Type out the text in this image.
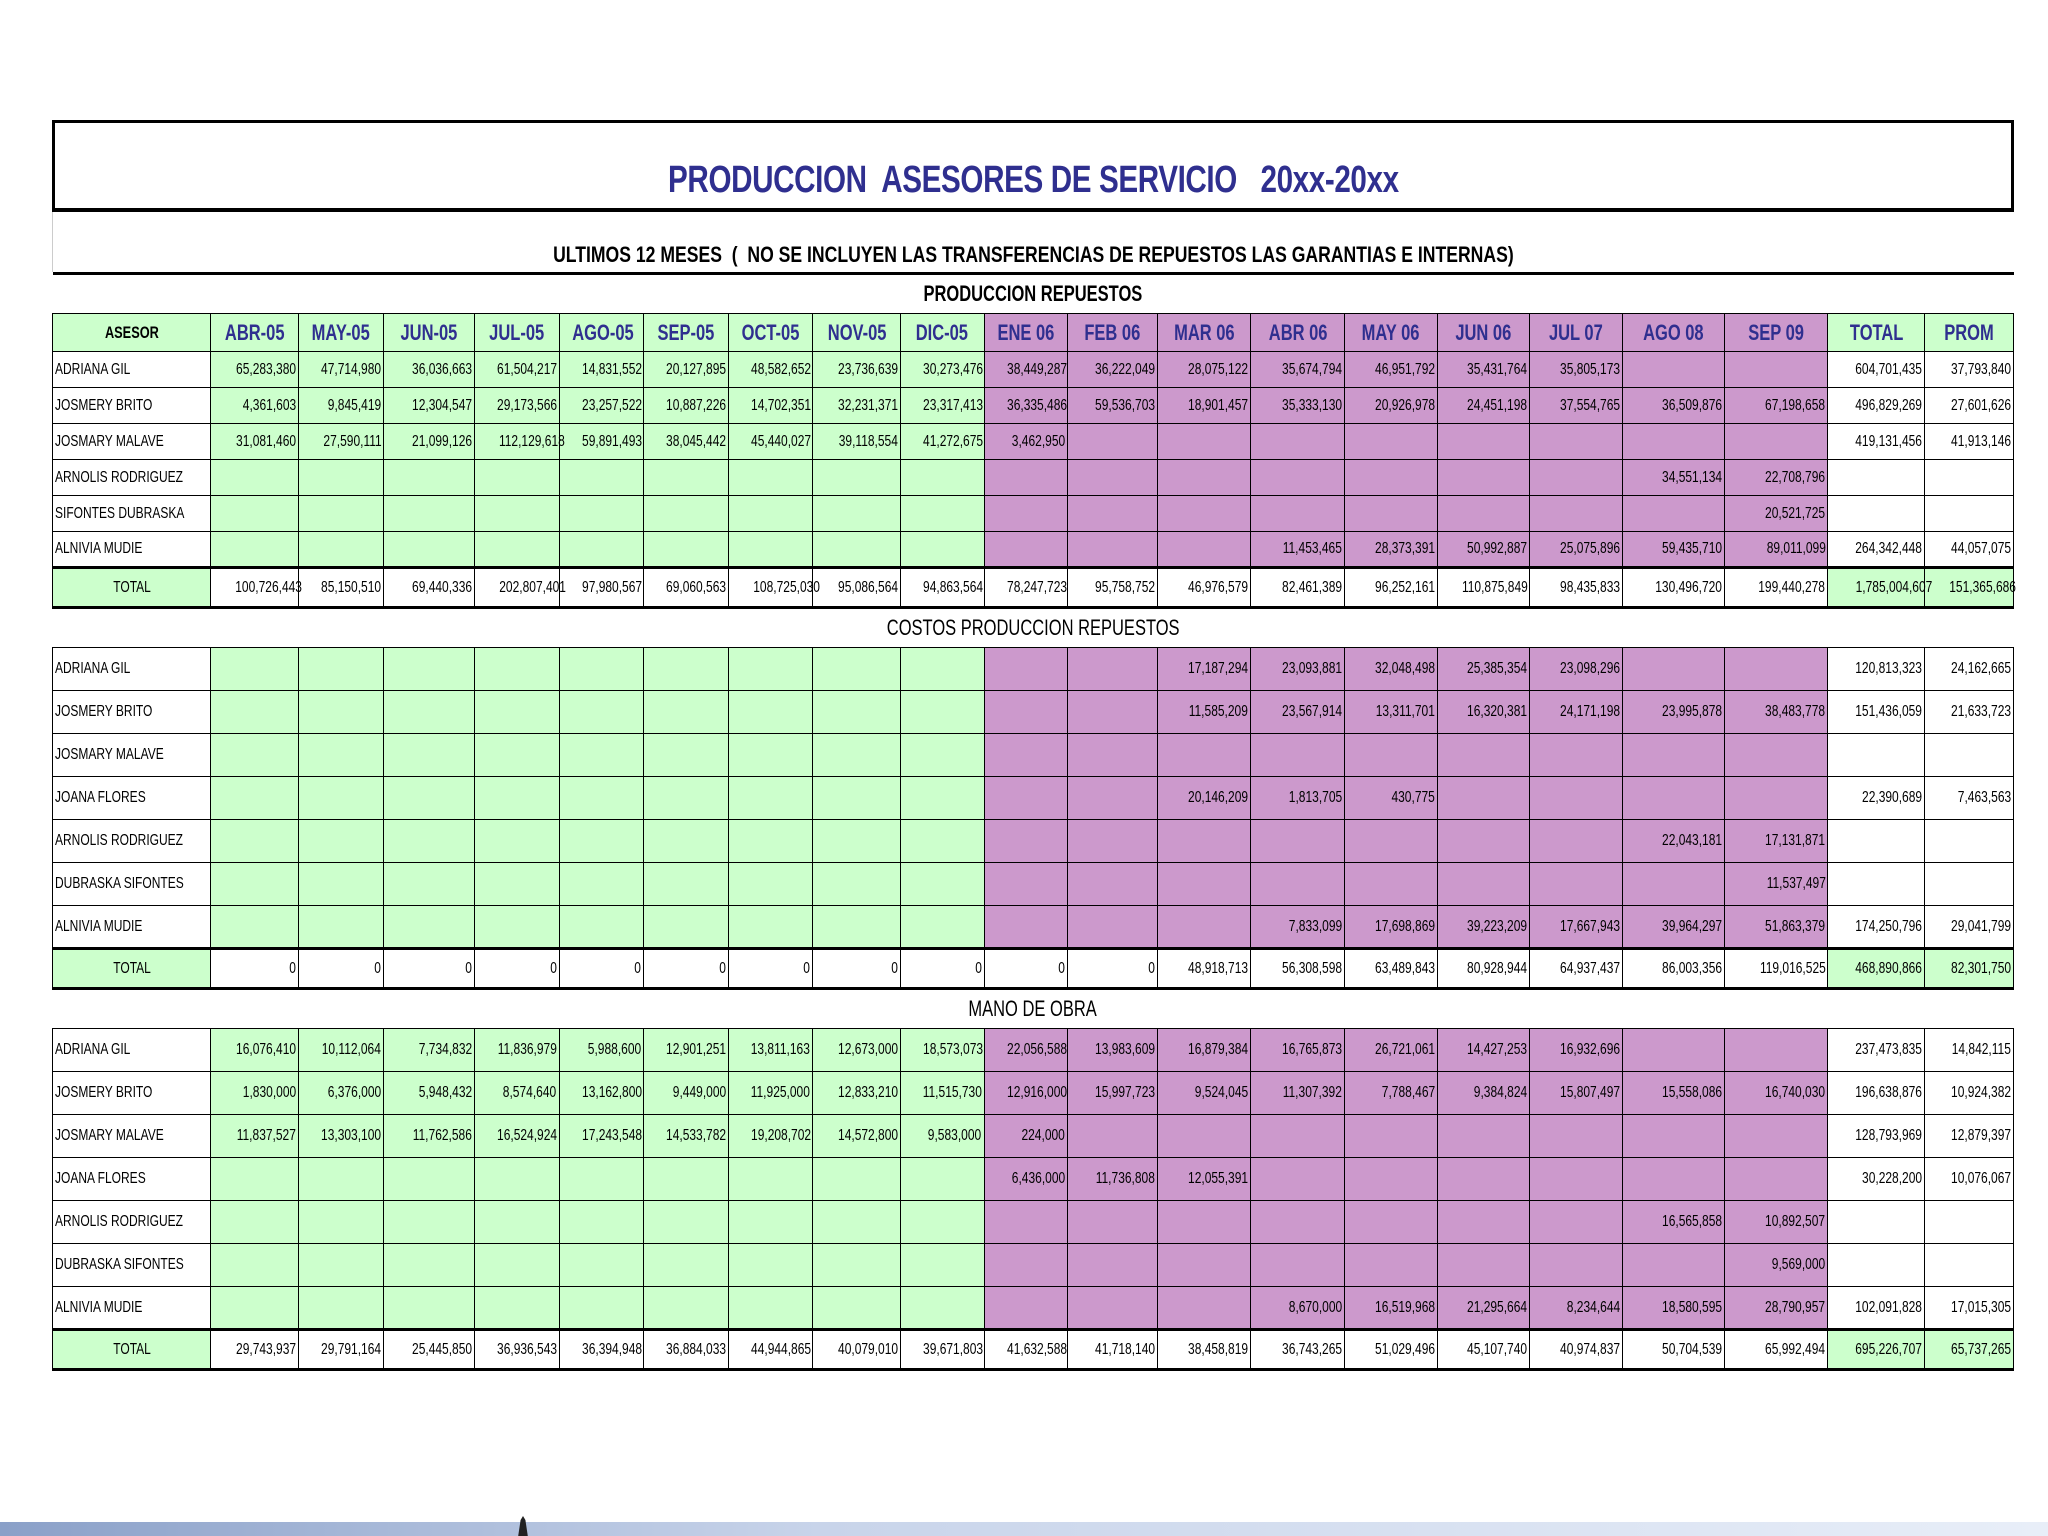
PRODUCCION  ASESORES DE SERVICIO   20xx-20xx
ULTIMOS 12 MESES  (  NO SE INCLUYEN LAS TRANSFERENCIAS DE REPUESTOS LAS GARANTIAS E INTERNAS)
PRODUCCION REPUESTOS																				
ASESOR	ABR-05	MAY-05	JUN-05	JUL-05	AGO-05	SEP-05	OCT-05	NOV-05	DIC-05	ENE 06	FEB 06	MAR 06	ABR 06	MAY 06	JUN 06	JUL 07	AGO 08	SEP 09	TOTAL	PROM
ADRIANA GIL	65,283,380	47,714,980	36,036,663	61,504,217	14,831,552	20,127,895	48,582,652	23,736,639	30,273,476	38,449,287	36,222,049	28,075,122	35,674,794	46,951,792	35,431,764	35,805,173			604,701,435	37,793,840
JOSMERY BRITO	4,361,603	9,845,419	12,304,547	29,173,566	23,257,522	10,887,226	14,702,351	32,231,371	23,317,413	36,335,486	59,536,703	18,901,457	35,333,130	20,926,978	24,451,198	37,554,765	36,509,876	67,198,658	496,829,269	27,601,626
JOSMARY MALAVE	31,081,460	27,590,111	21,099,126	112,129,618	59,891,493	38,045,442	45,440,027	39,118,554	41,272,675	3,462,950									419,131,456	41,913,146
ARNOLIS RODRIGUEZ																	34,551,134	22,708,796		
SIFONTES DUBRASKA																		20,521,725		
ALNIVIA MUDIE													11,453,465	28,373,391	50,992,887	25,075,896	59,435,710	89,011,099	264,342,448	44,057,075
TOTAL	100,726,443	85,150,510	69,440,336	202,807,401	97,980,567	69,060,563	108,725,030	95,086,564	94,863,564	78,247,723	95,758,752	46,976,579	82,461,389	96,252,161	110,875,849	98,435,833	130,496,720	199,440,278	1,785,004,607	151,365,686
COSTOS PRODUCCION REPUESTOS																				
ADRIANA GIL												17,187,294	23,093,881	32,048,498	25,385,354	23,098,296			120,813,323	24,162,665
JOSMERY BRITO												11,585,209	23,567,914	13,311,701	16,320,381	24,171,198	23,995,878	38,483,778	151,436,059	21,633,723
JOSMARY MALAVE																				
JOANA FLORES												20,146,209	1,813,705	430,775					22,390,689	7,463,563
ARNOLIS RODRIGUEZ																	22,043,181	17,131,871		
DUBRASKA SIFONTES																		11,537,497		
ALNIVIA MUDIE													7,833,099	17,698,869	39,223,209	17,667,943	39,964,297	51,863,379	174,250,796	29,041,799
TOTAL	0	0	0	0	0	0	0	0	0	0	0	48,918,713	56,308,598	63,489,843	80,928,944	64,937,437	86,003,356	119,016,525	468,890,866	82,301,750
MANO DE OBRA																				
ADRIANA GIL	16,076,410	10,112,064	7,734,832	11,836,979	5,988,600	12,901,251	13,811,163	12,673,000	18,573,073	22,056,588	13,983,609	16,879,384	16,765,873	26,721,061	14,427,253	16,932,696			237,473,835	14,842,115
JOSMERY BRITO	1,830,000	6,376,000	5,948,432	8,574,640	13,162,800	9,449,000	11,925,000	12,833,210	11,515,730	12,916,000	15,997,723	9,524,045	11,307,392	7,788,467	9,384,824	15,807,497	15,558,086	16,740,030	196,638,876	10,924,382
JOSMARY MALAVE	11,837,527	13,303,100	11,762,586	16,524,924	17,243,548	14,533,782	19,208,702	14,572,800	9,583,000	224,000									128,793,969	12,879,397
JOANA FLORES										6,436,000	11,736,808	12,055,391							30,228,200	10,076,067
ARNOLIS RODRIGUEZ																	16,565,858	10,892,507		
DUBRASKA SIFONTES																		9,569,000		
ALNIVIA MUDIE													8,670,000	16,519,968	21,295,664	8,234,644	18,580,595	28,790,957	102,091,828	17,015,305
TOTAL	29,743,937	29,791,164	25,445,850	36,936,543	36,394,948	36,884,033	44,944,865	40,079,010	39,671,803	41,632,588	41,718,140	38,458,819	36,743,265	51,029,496	45,107,740	40,974,837	50,704,539	65,992,494	695,226,707	65,737,265
